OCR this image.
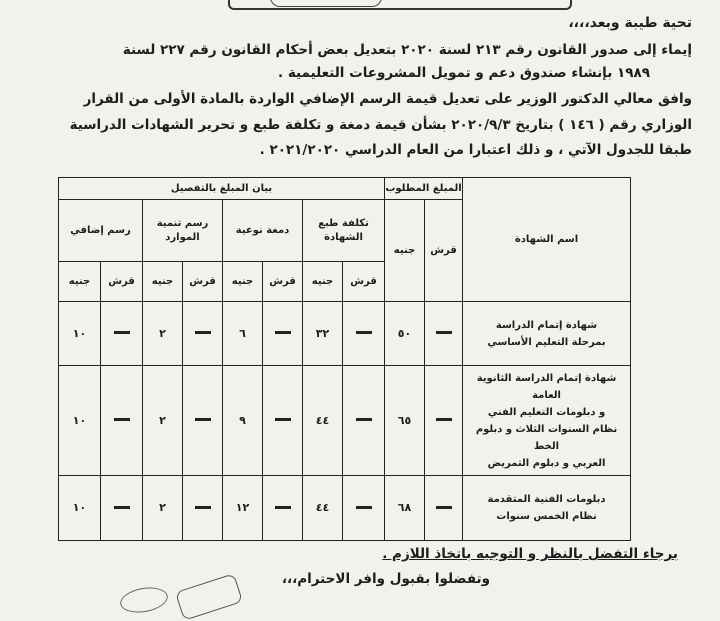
تحية طيبة وبعد،،،،
إيماء إلى صدور القانون رقم ٢١٣ لسنة ٢٠٢٠ بتعديل بعض أحكام القانون رقم ٢٢٧ لسنة
١٩٨٩ بإنشاء صندوق دعم و تمويل المشروعات التعليمية .
وافق معالي الدكتور الوزير على تعديل قيمة الرسم الإضافي الواردة بالمادة الأولى من القرار
الوزاري رقم ( ١٤٦ ) بتاريخ ٢٠٢٠/٩/٣ بشأن قيمة دمغة و تكلفة طبع و تحرير الشهادات الدراسية
طبقا للجدول الآتي ، و ذلك اعتبارا من العام الدراسي ٢٠٢١/٢٠٢٠ .
اسم الشهادة	المبلغ المطلوب		بيان المبلغ بالتفصيل							
	قرش	جنيه	تكلفة طبع الشهادة		دمغة نوعية		رسم تنمية الموارد		رسم إضافي	
			قرش	جنيه	قرش	جنيه	قرش	جنيه	قرش	جنيه

شهادة إتمام الدراسة
بمرحلة التعليم الأساسي		٥٠		٣٢		٦		٢		١٠

شهادة إتمام الدراسة الثانوية العامة
و دبلومات التعليم الفني
نظام السنوات الثلاث و دبلوم الخط
العربي و دبلوم التمريض		٦٥		٤٤		٩		٢		١٠

دبلومات الفنية المتقدمة
نظام الخمس سنوات		٦٨		٤٤		١٢		٢		١٠
برجاء التفضل بالنظر و التوجيه باتخاذ اللازم .
وتفضلوا بقبول وافر الاحترام،،،
